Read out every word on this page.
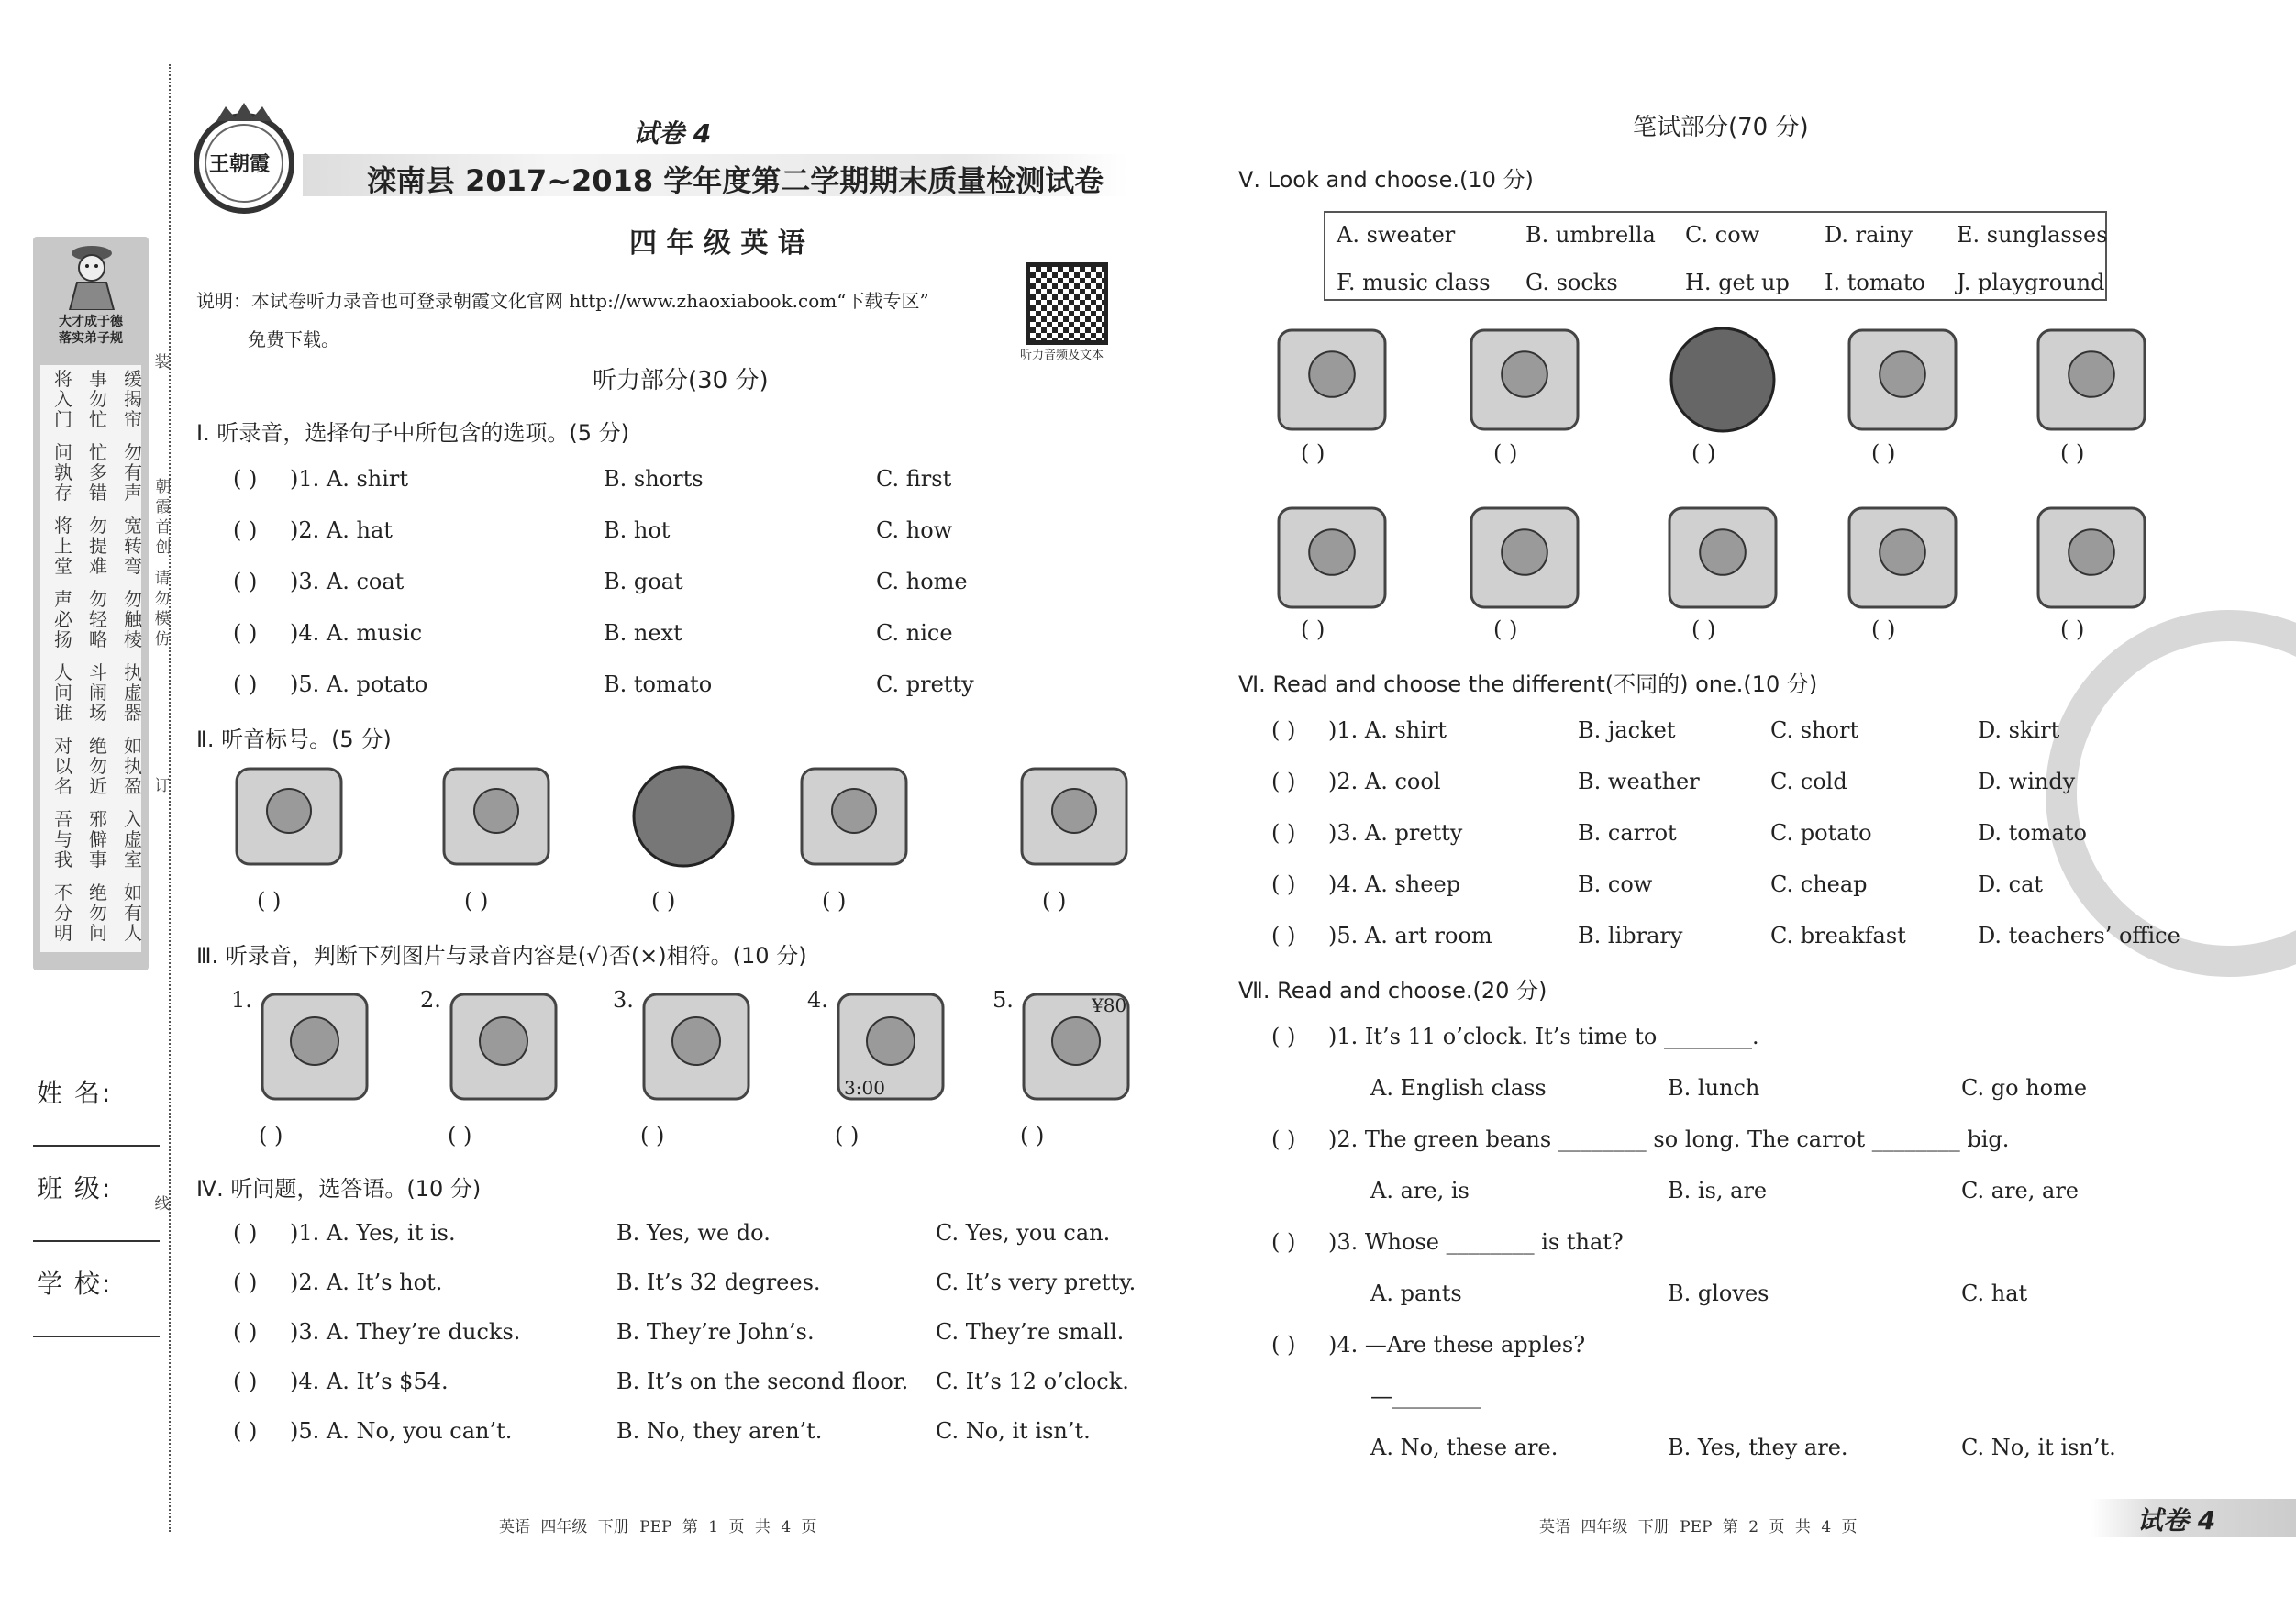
大才成于德
落实弟子规
将入门
事勿忙
缓揭帘
问孰存
忙多错
勿有声
将上堂
勿提难
宽转弯
声必扬
勿轻略
勿触棱
人问谁
斗闹场
执虚器
对以名
绝勿近
如执盈
吾与我
邪僻事
入虚室
不分明
绝勿问
如有人
姓 名:
班 级:
学 校:
装
朝霞首创
请勿模仿
订
线
王朝霞
试卷 4
滦南县 2017~2018 学年度第二学期期末质量检测试卷
四 年 级 英 语
说明：本试卷听力录音也可登录朝霞文化官网 http://www.zhaoxiabook.com“下载专区”
免费下载。
听力音频及文本
听力部分(30 分)
Ⅰ. 听录音，选择句子中所包含的选项。(5 分)
( ) )1. A. shirt	B. shorts	C. first
( ) )2. A. hat	B. hot	C. how
( ) )3. A. coat	B. goat	C. home
( ) )4. A. music	B. next	C. nice
( ) )5. A. potato	B. tomato	C. pretty
Ⅱ. 听音标号。(5 分)
Ⅲ. 听录音，判断下列图片与录音内容是(√)否(×)相符。(10 分)
Ⅳ. 听问题，选答语。(10 分)
( ) )1. A. Yes, it is.	B. Yes, we do.	C. Yes, you can.
( ) )2. A. It’s hot.	B. It’s 32 degrees.	C. It’s very pretty.
( ) )3. A. They’re ducks.	B. They’re John’s.	C. They’re small.
( ) )4. A. It’s $54.	B. It’s on the second floor. C. It’s 12 o’clock.
( ) )5. A. No, you can’t.	B. No, they aren’t.	C. No, it isn’t.
英语 四年级 下册 PEP 第 1 页 共 4 页
笔试部分(70 分)
Ⅴ. Look and choose.(10 分)
A. sweater	B. umbrella C. cow	D. rainy E. sunglasses
F. music class G. socks	H. get up I. tomato J. playground
Ⅵ. Read and choose the different(不同的) one.(10 分)
( ) )1. A. shirt	B. jacket	C. short	D. skirt
( ) )2. A. cool	B. weather	C. cold	D. windy
( ) )3. A. pretty	B. carrot	C. potato	D. tomato
( ) )4. A. sheep	B. cow	C. cheap	D. cat
( ) )5. A. art room	B. library	C. breakfast	D. teachers’ office
Ⅶ. Read and choose.(20 分)
( ) )1. It’s 11 o’clock. It’s time to ________.
A. English class	B. lunch	C. go home
( ) )2. The green beans ________ so long. The carrot ________ big.
A. are, is	B. is, are	C. are, are
( ) )3. Whose ________ is that?
A. pants	B. gloves	C. hat
( ) )4. —Are these apples?
—________
A. No, these are.	B. Yes, they are.	C. No, it isn’t.
英语 四年级 下册 PEP 第 2 页 共 4 页	试卷 4
( )	( )	( )	( )	( )
1.
( )
2.
( )
3.
( )
4.
3:00
( )
5.	¥80
( )
( )	( )	( )	( )	( )
( )	( )	( )	( )	( )
